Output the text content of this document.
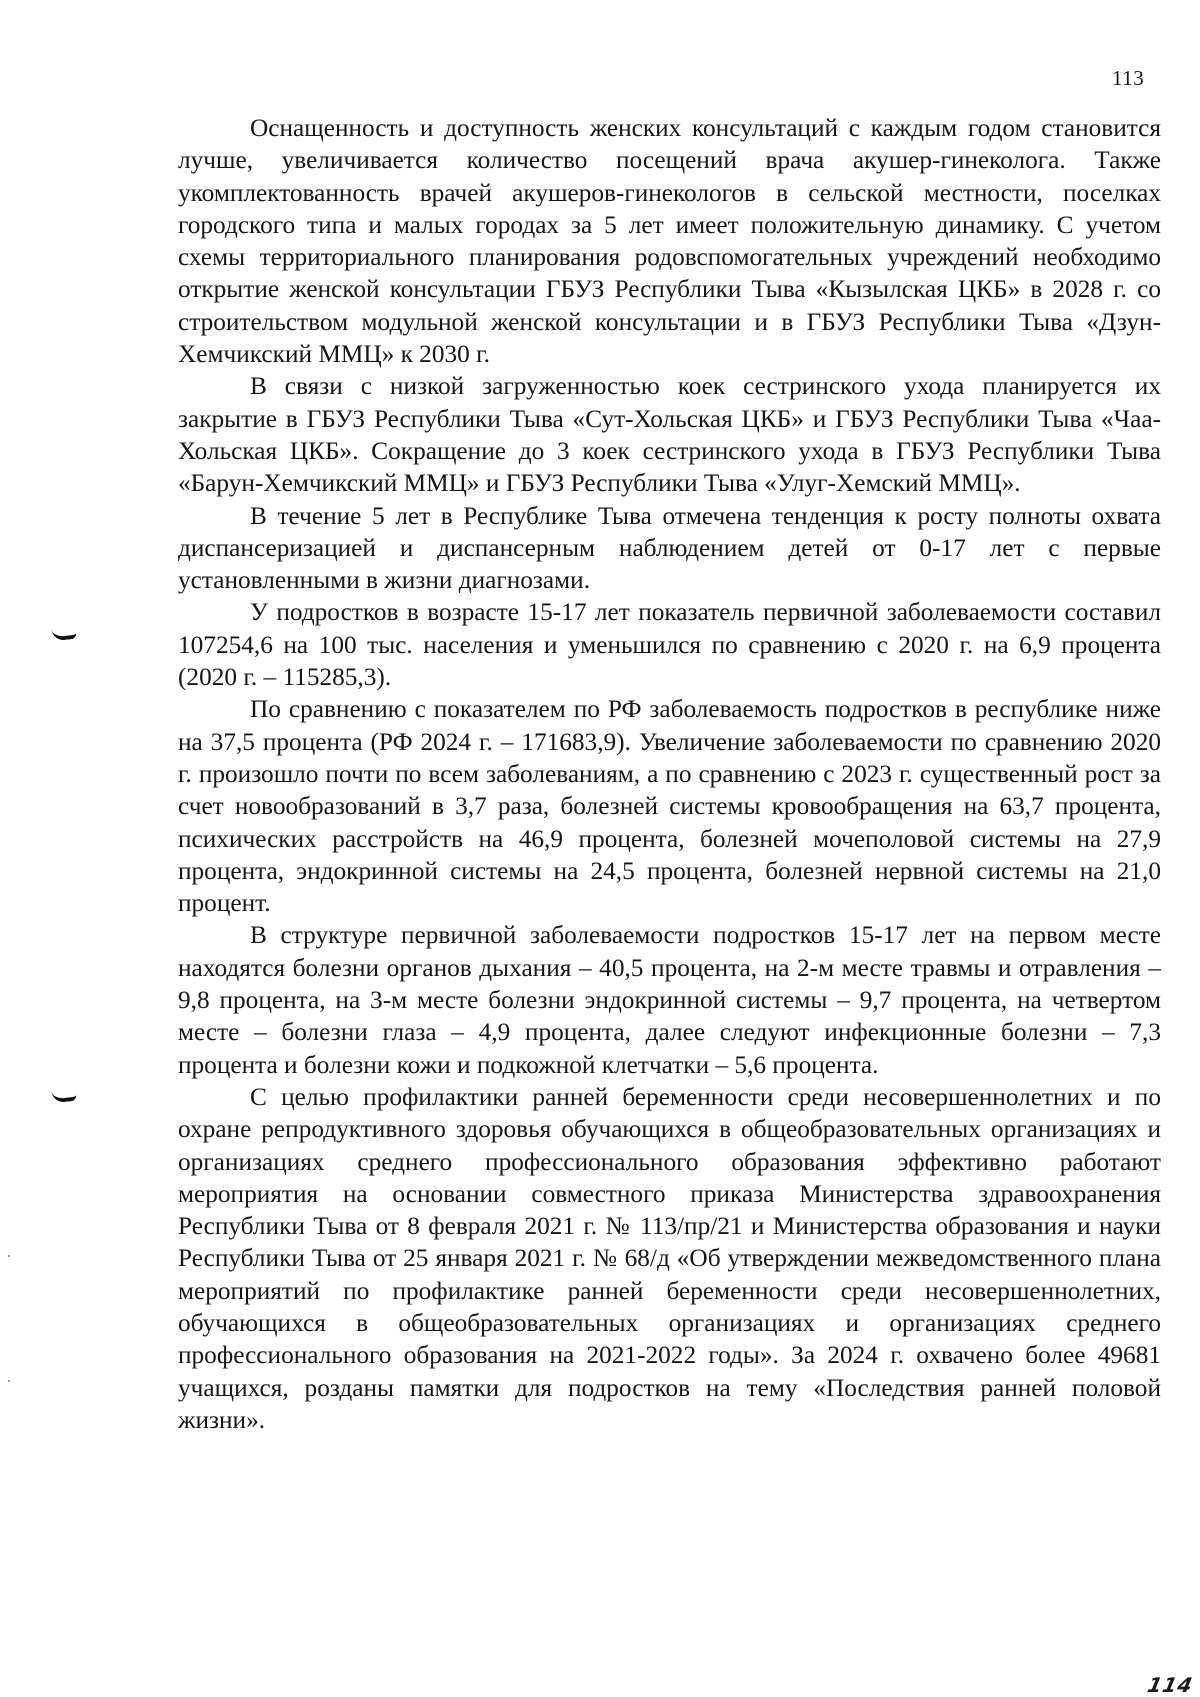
113

Оснащенность и доступность женских консультаций с каждым годом становится лучше, увеличивается количество посещений врача акушер-гинеколога. Также укомплектованность врачей акушеров-гинекологов в сельской местности, поселках городского типа и малых городах за 5 лет имеет положительную динамику. С учетом схемы территориального планирования родовспомогательных учреждений необходимо открытие женской консультации ГБУЗ Республики Тыва «Кызылская ЦКБ» в 2028 г. со строительством модульной женской консультации и в ГБУЗ Республики Тыва «Дзун-Хемчикский ММЦ» к 2030 г.

В связи с низкой загруженностью коек сестринского ухода планируется их закрытие в ГБУЗ Республики Тыва «Сут-Хольская ЦКБ» и ГБУЗ Республики Тыва «Чаа-Хольская ЦКБ». Сокращение до 3 коек сестринского ухода в ГБУЗ Республики Тыва «Барун-Хемчикский ММЦ» и ГБУЗ Республики Тыва «Улуг-Хемский ММЦ».

В течение 5 лет в Республике Тыва отмечена тенденция к росту полноты охвата диспансеризацией и диспансерным наблюдением детей от 0-17 лет с первые установленными в жизни диагнозами.

У подростков в возрасте 15-17 лет показатель первичной заболеваемости составил 107254,6 на 100 тыс. населения и уменьшился по сравнению с 2020 г. на 6,9 процента (2020 г. – 115285,3).

По сравнению с показателем по РФ заболеваемость подростков в республике ниже на 37,5 процента (РФ 2024 г. – 171683,9). Увеличение заболеваемости по сравнению 2020 г. произошло почти по всем заболеваниям, а по сравнению с 2023 г. существенный рост за счет новообразований в 3,7 раза, болезней системы кровообращения на 63,7 процента, психических расстройств на 46,9 процента, болезней мочеполовой системы на 27,9 процента, эндокринной системы на 24,5 процента, болезней нервной системы на 21,0 процент.

В структуре первичной заболеваемости подростков 15-17 лет на первом месте находятся болезни органов дыхания – 40,5 процента, на 2-м месте травмы и отравления – 9,8 процента, на 3-м месте болезни эндокринной системы – 9,7 процента, на четвертом месте – болезни глаза – 4,9 процента, далее следуют инфекционные болезни – 7,3 процента и болезни кожи и подкожной клетчатки – 5,6 процента.

С целью профилактики ранней беременности среди несовершеннолетних и по охране репродуктивного здоровья обучающихся в общеобразовательных организациях и организациях среднего профессионального образования эффективно работают мероприятия на основании совместного приказа Министерства здравоохранения Республики Тыва от 8 февраля 2021 г. № 113/пр/21 и Министерства образования и науки Республики Тыва от 25 января 2021 г. № 68/д «Об утверждении межведомственного плана мероприятий по профилактике ранней беременности среди несовершеннолетних, обучающихся в общеобразовательных организациях и организациях среднего профессионального образования на 2021-2022 годы». За 2024 г. охвачено более 49681 учащихся, розданы памятки для подростков на тему «Последствия ранней половой жизни».

114
